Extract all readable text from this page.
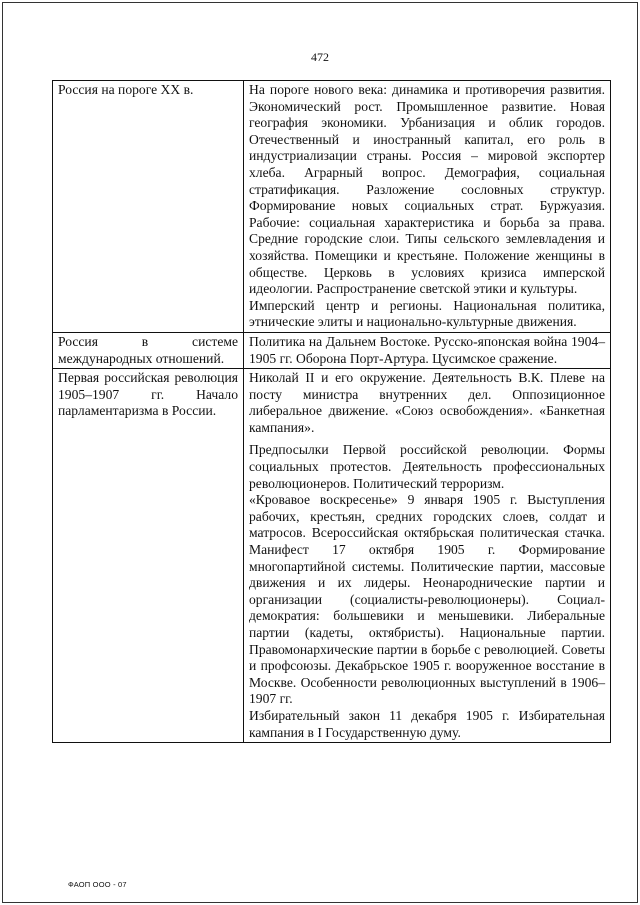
472
Россия на пороге XX в.	На пороге нового века: динамика и противоречия развития. Экономический рост. Промышленное развитие. Новая география экономики. Урбанизация и облик городов. Отечественный и иностранный капитал, его роль в индустриализации страны. Россия – мировой экспортер хлеба. Аграрный вопрос. Демография, социальная стратификация. Разложение сословных структур. Формирование новых социальных страт. Буржуазия. Рабочие: социальная характеристика и борьба за права. Средние городские слои. Типы сельского землевладения и хозяйства. Помещики и крестьяне. Положение женщины в обществе. Церковь в условиях кризиса имперской идеологии. Распространение светской этики и культуры.
Имперский центр и регионы. Национальная политика, этнические элиты и национально-культурные движения.

Россия в системе международных отношений.	Политика на Дальнем Востоке. Русско-японская война 1904–1905 гг. Оборона Порт-Артура. Цусимское сражение.

Первая российская революция 1905–1907 гг. Начало парламентаризма в России.	Николай II и его окружение. Деятельность В.К. Плеве на посту министра внутренних дел. Оппозиционное либеральное движение. «Союз освобождения». «Банкетная кампания».
Предпосылки Первой российской революции. Формы социальных протестов. Деятельность профессиональных революционеров. Политический терроризм.
«Кровавое воскресенье» 9 января 1905 г. Выступления рабочих, крестьян, средних городских слоев, солдат и матросов. Всероссийская октябрьская политическая стачка. Манифест 17 октября 1905 г. Формирование многопартийной системы. Политические партии, массовые движения и их лидеры. Неонароднические партии и организации (социалисты-революционеры). Социал-демократия: большевики и меньшевики. Либеральные партии (кадеты, октябристы). Национальные партии. Правомонархические партии в борьбе с революцией. Советы и профсоюзы. Декабрьское 1905 г. вооруженное восстание в Москве. Особенности революционных выступлений в 1906–1907 гг.
Избирательный закон 11 декабря 1905 г. Избирательная кампания в I Государственную думу.
ФАОП ООО - 07
